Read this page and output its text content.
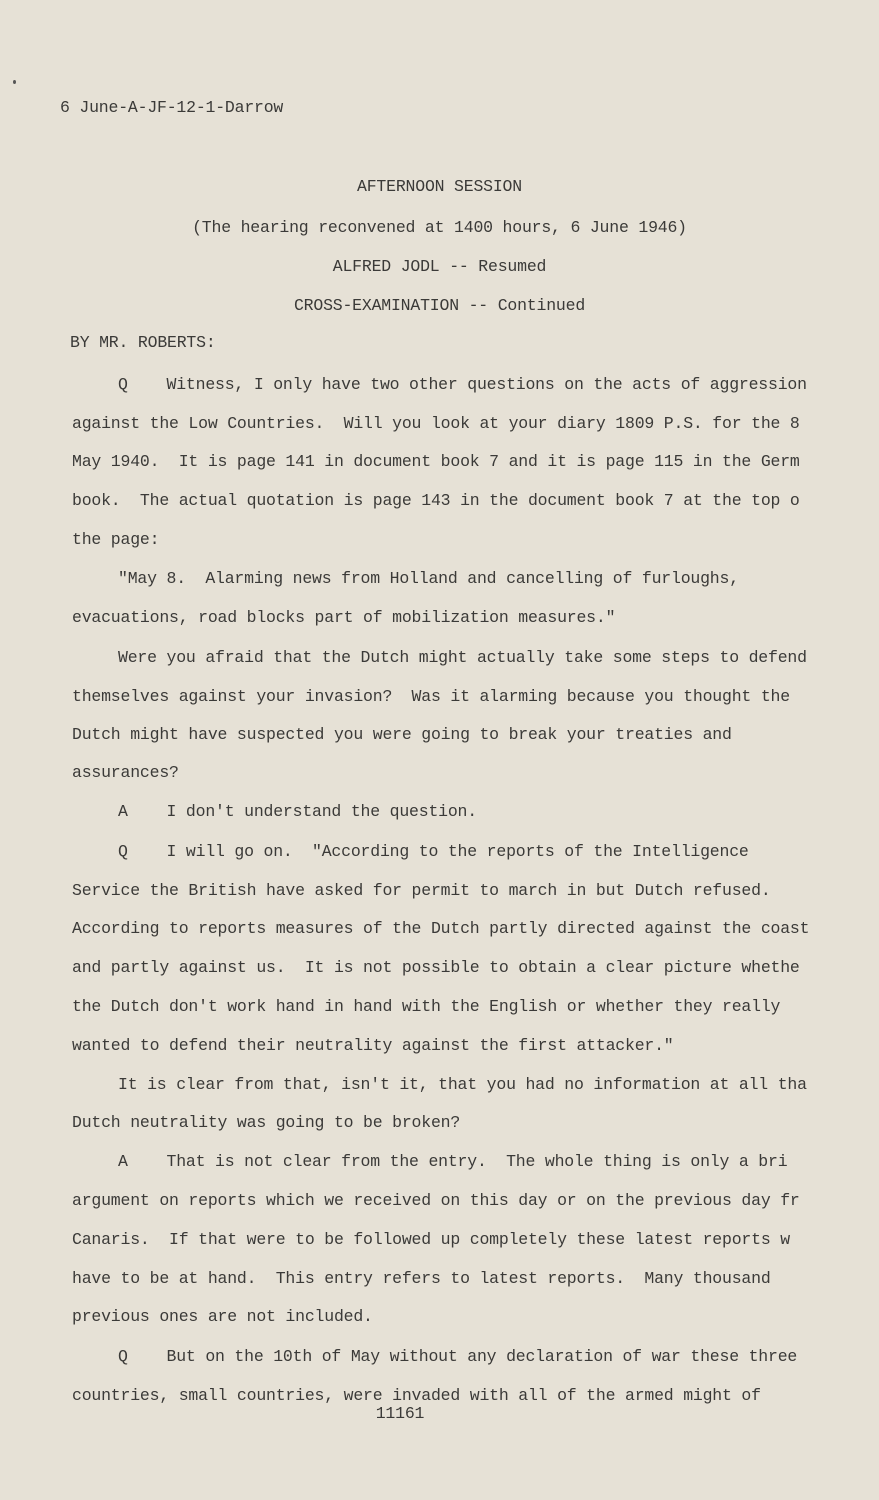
6 June-A-JF-12-1-Darrow
AFTERNOON SESSION
(The hearing reconvened at 1400 hours, 6 June 1946)
ALFRED JODL -- Resumed
CROSS-EXAMINATION -- Continued
BY MR. ROBERTS:
Q    Witness, I only have two other questions on the acts of aggression
against the Low Countries.  Will you look at your diary 1809 P.S. for the 8
May 1940.  It is page 141 in document book 7 and it is page 115 in the Germ
book.  The actual quotation is page 143 in the document book 7 at the top o
the page:
"May 8.  Alarming news from Holland and cancelling of furloughs,
evacuations, road blocks part of mobilization measures."
Were you afraid that the Dutch might actually take some steps to defend
themselves against your invasion?  Was it alarming because you thought the
Dutch might have suspected you were going to break your treaties and
assurances?
A    I don't understand the question.
Q    I will go on.  "According to the reports of the Intelligence
Service the British have asked for permit to march in but Dutch refused.
According to reports measures of the Dutch partly directed against the coast
and partly against us.  It is not possible to obtain a clear picture whethe
the Dutch don't work hand in hand with the English or whether they really
wanted to defend their neutrality against the first attacker."
It is clear from that, isn't it, that you had no information at all tha
Dutch neutrality was going to be broken?
A    That is not clear from the entry.  The whole thing is only a bri
argument on reports which we received on this day or on the previous day fr
Canaris.  If that were to be followed up completely these latest reports w
have to be at hand.  This entry refers to latest reports.  Many thousand
previous ones are not included.
Q    But on the 10th of May without any declaration of war these three
countries, small countries, were invaded with all of the armed might of
11161
